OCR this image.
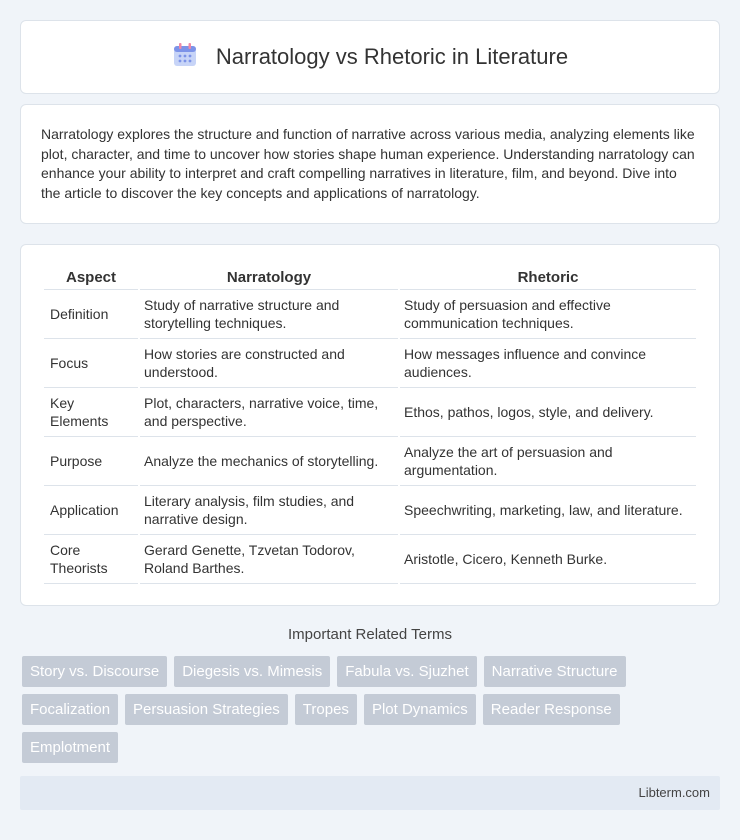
Narratology vs Rhetoric in Literature

Narratology explores the structure and function of narrative across various media, analyzing elements like plot, character, and time to uncover how stories shape human experience. Understanding narratology can enhance your ability to interpret and craft compelling narratives in literature, film, and beyond. Dive into the article to discover the key concepts and applications of narratology.

Aspect	Narratology	Rhetoric
Definition	Study of narrative structure and storytelling techniques.	Study of persuasion and effective communication techniques.
Focus	How stories are constructed and understood.	How messages influence and convince audiences.
Key Elements	Plot, characters, narrative voice, time, and perspective.	Ethos, pathos, logos, style, and delivery.
Purpose	Analyze the mechanics of storytelling.	Analyze the art of persuasion and argumentation.
Application	Literary analysis, film studies, and narrative design.	Speechwriting, marketing, law, and literature.
Core Theorists	Gerard Genette, Tzvetan Todorov, Roland Barthes.	Aristotle, Cicero, Kenneth Burke.
Important Related Terms
Story vs. Discourse	Diegesis vs. Mimesis	Fabula vs. Sjuzhet	Narrative Structure
Focalization	Persuasion Strategies	Tropes	Plot Dynamics	Reader Response
Emplotment
Libterm.com
